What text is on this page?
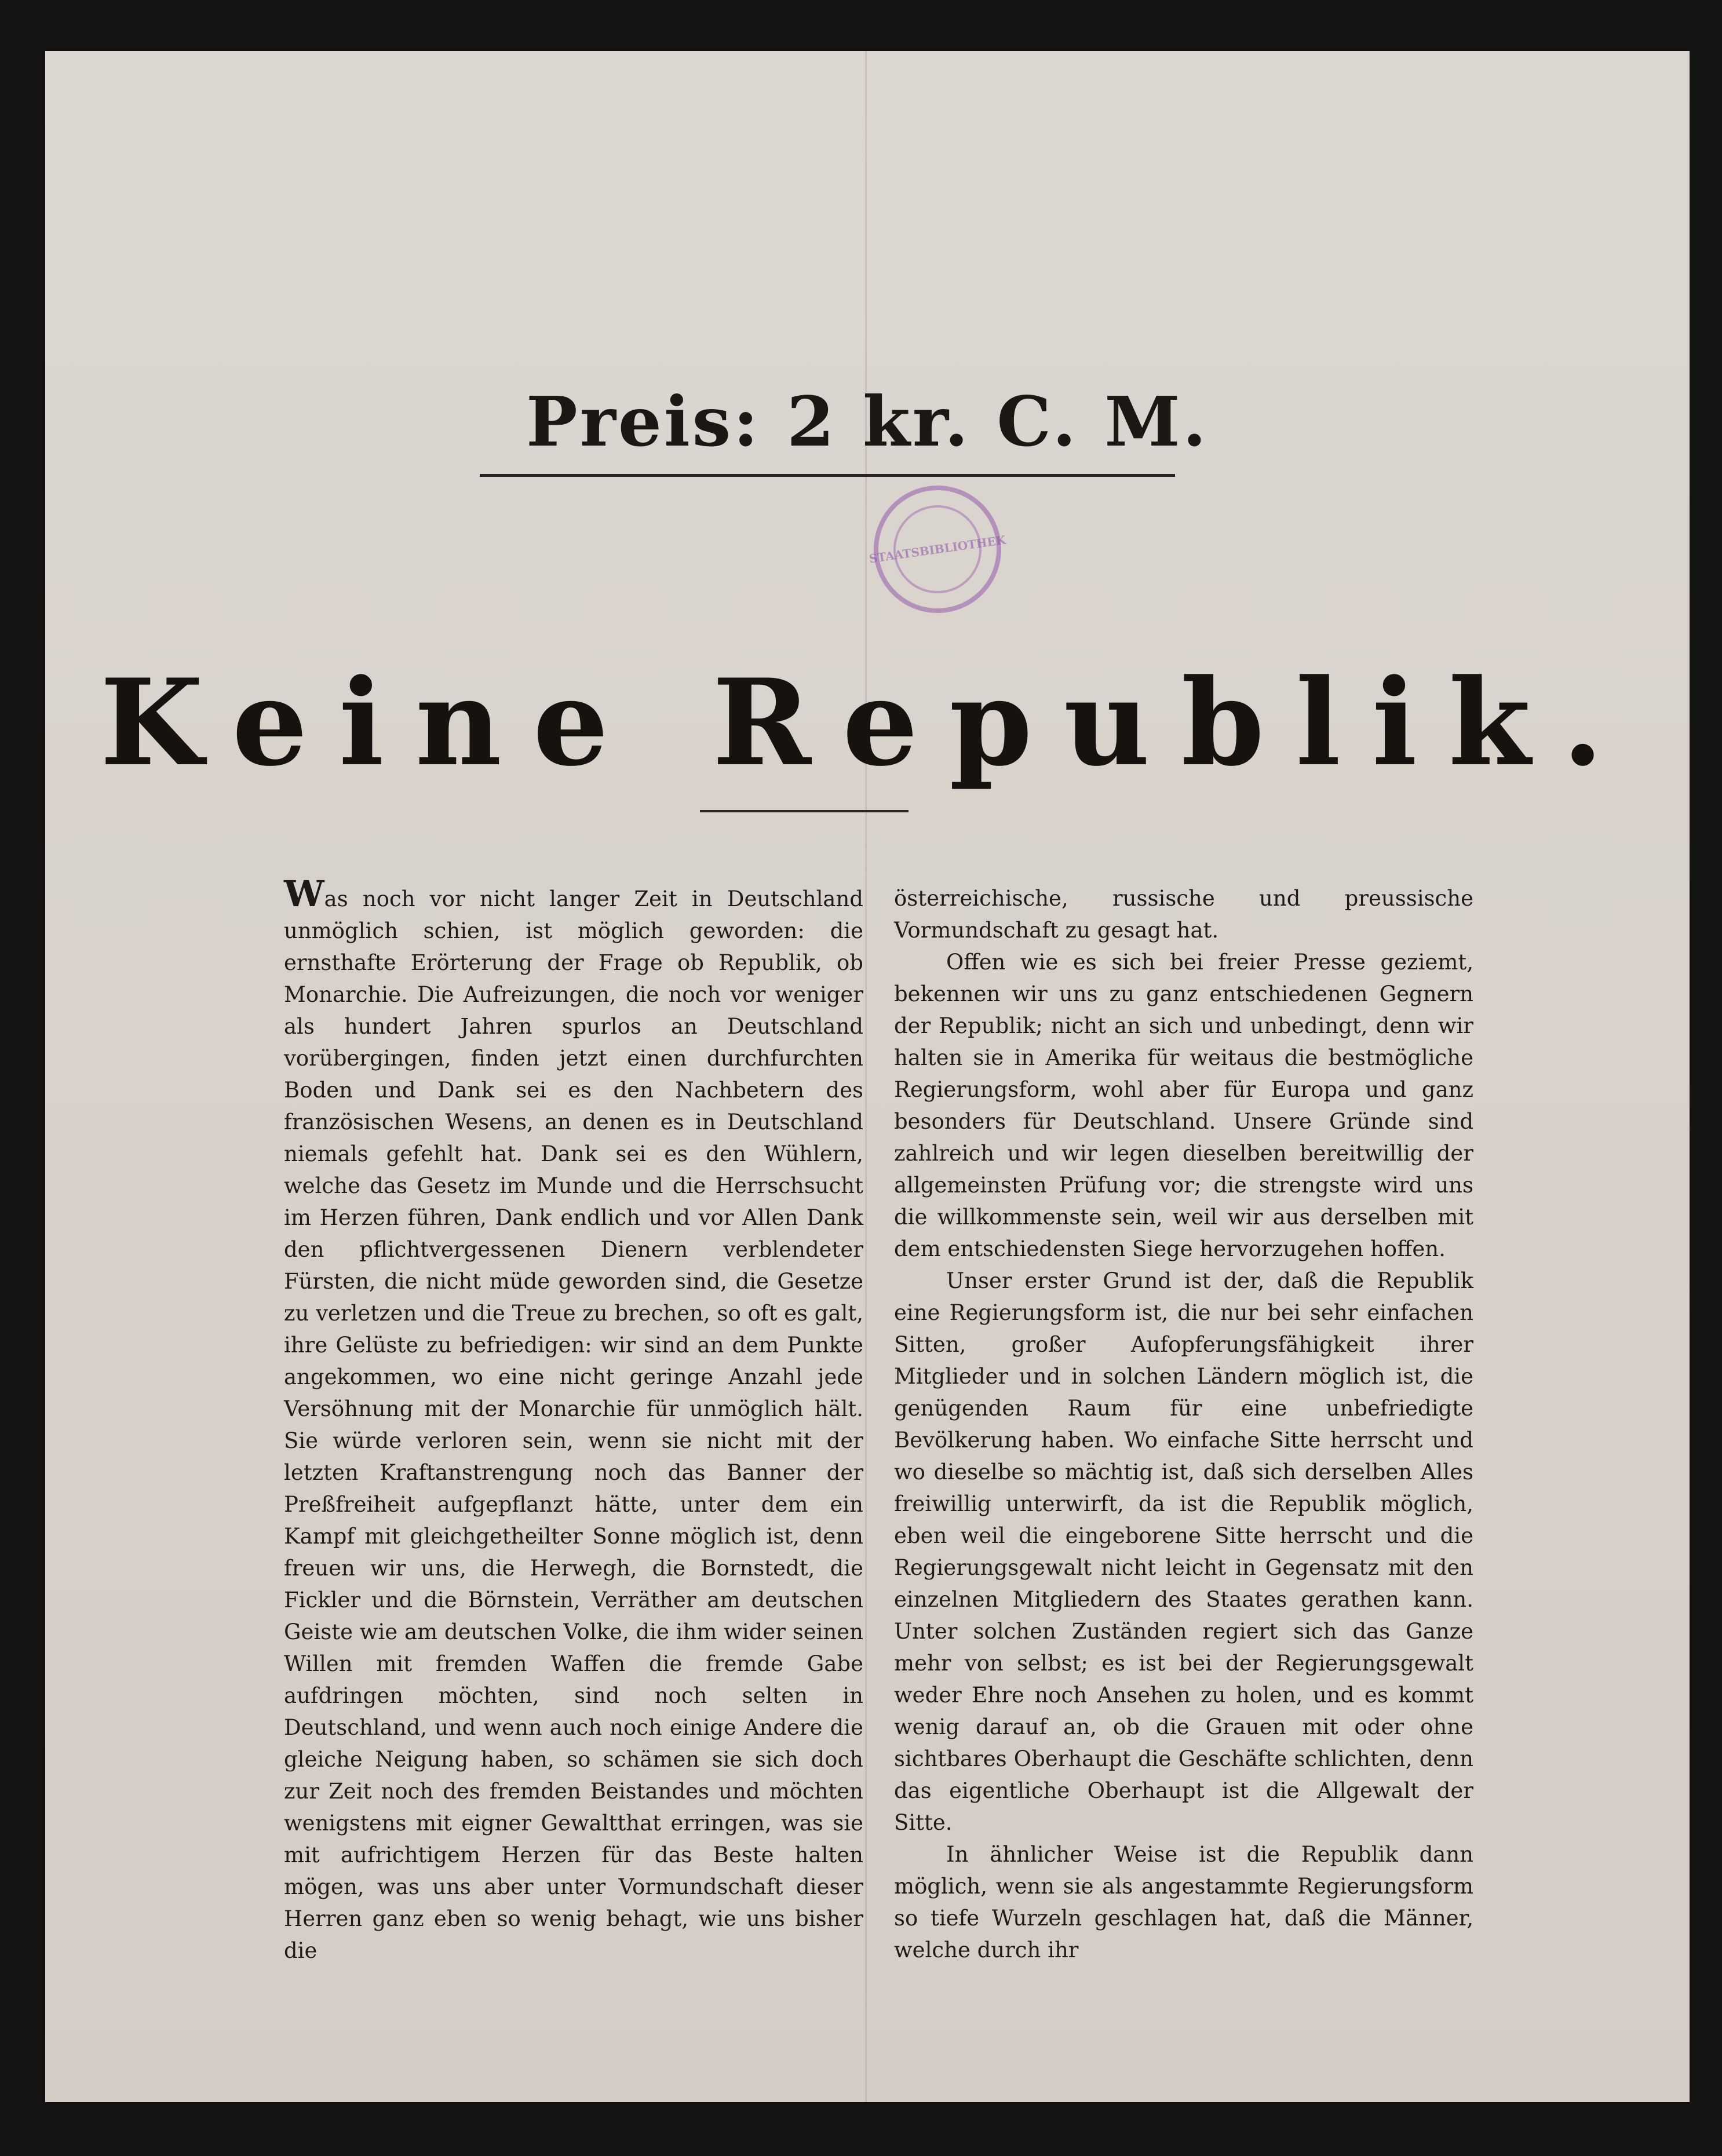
Preis: 2 kr. C. M.
STAATSBIBLIOTHEK
Keine Republik.

Was noch vor nicht langer Zeit in Deutschland unmöglich schien, ist möglich geworden: die ernsthafte Erörterung der Frage ob Republik, ob Monarchie. Die Aufreizungen, die noch vor weniger als hundert Jahren spurlos an Deutschland vorübergingen, finden jetzt einen durchfurchten Boden und Dank sei es den Nachbetern des französischen Wesens, an denen es in Deutschland niemals gefehlt hat. Dank sei es den Wühlern, welche das Gesetz im Munde und die Herrschsucht im Herzen führen, Dank endlich und vor Allen Dank den pflichtvergessenen Dienern verblendeter Fürsten, die nicht müde geworden sind, die Gesetze zu verletzen und die Treue zu brechen, so oft es galt, ihre Gelüste zu befriedigen: wir sind an dem Punkte angekommen, wo eine nicht geringe Anzahl jede Versöhnung mit der Monarchie für unmöglich hält. Sie würde verloren sein, wenn sie nicht mit der letzten Kraftanstrengung noch das Banner der Preßfreiheit aufgepflanzt hätte, unter dem ein Kampf mit gleichgetheilter Sonne möglich ist, denn freuen wir uns, die Herwegh, die Bornstedt, die Fickler und die Börnstein, Verräther am deutschen Geiste wie am deutschen Volke, die ihm wider seinen Willen mit fremden Waffen die fremde Gabe aufdringen möchten, sind noch selten in Deutschland, und wenn auch noch einige Andere die gleiche Neigung haben, so schämen sie sich doch zur Zeit noch des fremden Beistandes und möchten wenigstens mit eigner Gewaltthat erringen, was sie mit aufrichtigem Herzen für das Beste halten mögen, was uns aber unter Vormundschaft dieser Herren ganz eben so wenig behagt, wie uns bisher die

österreichische, russische und preussische Vormundschaft zu gesagt hat.

Offen wie es sich bei freier Presse geziemt, bekennen wir uns zu ganz entschiedenen Gegnern der Republik; nicht an sich und unbedingt, denn wir halten sie in Amerika für weitaus die bestmögliche Regierungsform, wohl aber für Europa und ganz besonders für Deutschland. Unsere Gründe sind zahlreich und wir legen dieselben bereitwillig der allgemeinsten Prüfung vor; die strengste wird uns die willkommenste sein, weil wir aus derselben mit dem entschiedensten Siege hervorzugehen hoffen.

Unser erster Grund ist der, daß die Republik eine Regierungsform ist, die nur bei sehr einfachen Sitten, großer Aufopferungsfähigkeit ihrer Mitglieder und in solchen Ländern möglich ist, die genügenden Raum für eine unbefriedigte Bevölkerung haben. Wo einfache Sitte herrscht und wo dieselbe so mächtig ist, daß sich derselben Alles freiwillig unterwirft, da ist die Republik möglich, eben weil die eingeborene Sitte herrscht und die Regierungsgewalt nicht leicht in Gegensatz mit den einzelnen Mitgliedern des Staates gerathen kann. Unter solchen Zuständen regiert sich das Ganze mehr von selbst; es ist bei der Regierungsgewalt weder Ehre noch Ansehen zu holen, und es kommt wenig darauf an, ob die Grauen mit oder ohne sichtbares Oberhaupt die Geschäfte schlichten, denn das eigentliche Oberhaupt ist die Allgewalt der Sitte.

In ähnlicher Weise ist die Republik dann möglich, wenn sie als angestammte Regierungsform so tiefe Wurzeln geschlagen hat, daß die Männer, welche durch ihr
